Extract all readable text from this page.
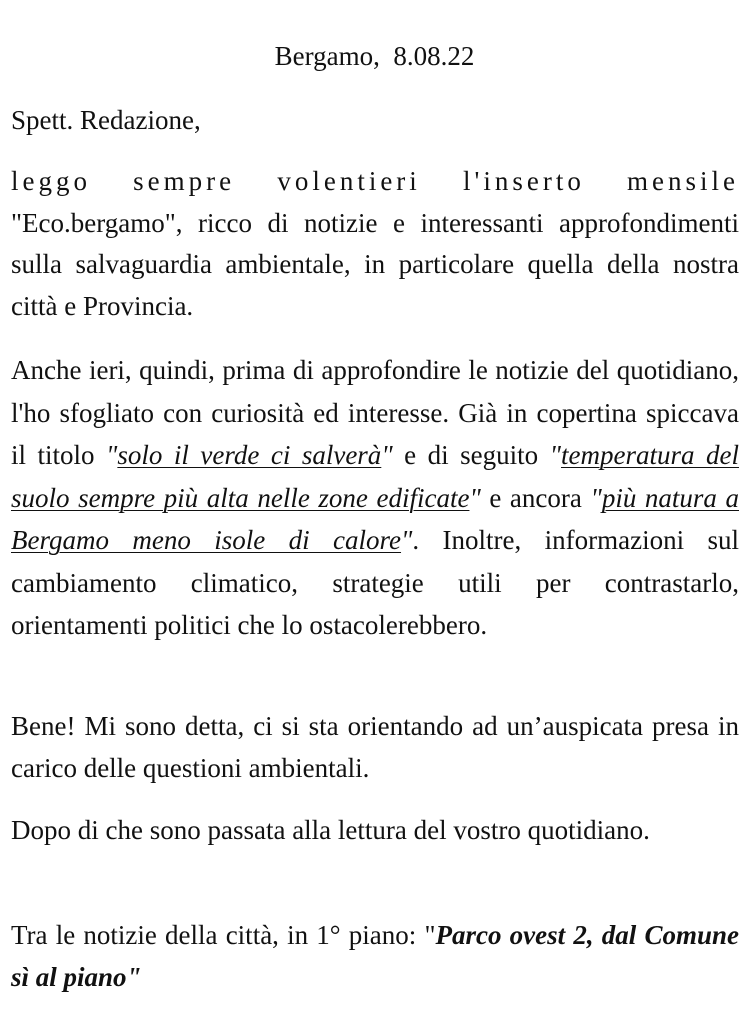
Bergamo,  8.08.22

Spett. Redazione,

leggo sempre volentieri l'inserto mensile "Eco.bergamo", ricco di notizie e interessanti approfondimenti sulla salvaguardia ambientale, in particolare quella della nostra città e Provincia.

Anche ieri, quindi, prima di approfondire le notizie del quotidiano, l'ho sfogliato con curiosità ed interesse. Già in copertina spiccava il titolo "solo il verde ci salverà" e di seguito "temperatura del suolo sempre più alta nelle zone edificate" e ancora "più natura a Bergamo meno isole di calore". Inoltre, informazioni sul cambiamento climatico, strategie utili per contrastarlo, orientamenti politici che lo ostacolerebbero.

Bene! Mi sono detta, ci si sta orientando ad un’auspicata presa in carico delle questioni ambientali.

Dopo di che sono passata alla lettura del vostro quotidiano.

Tra le notizie della città, in 1° piano: "Parco ovest 2, dal Comune sì al piano"
